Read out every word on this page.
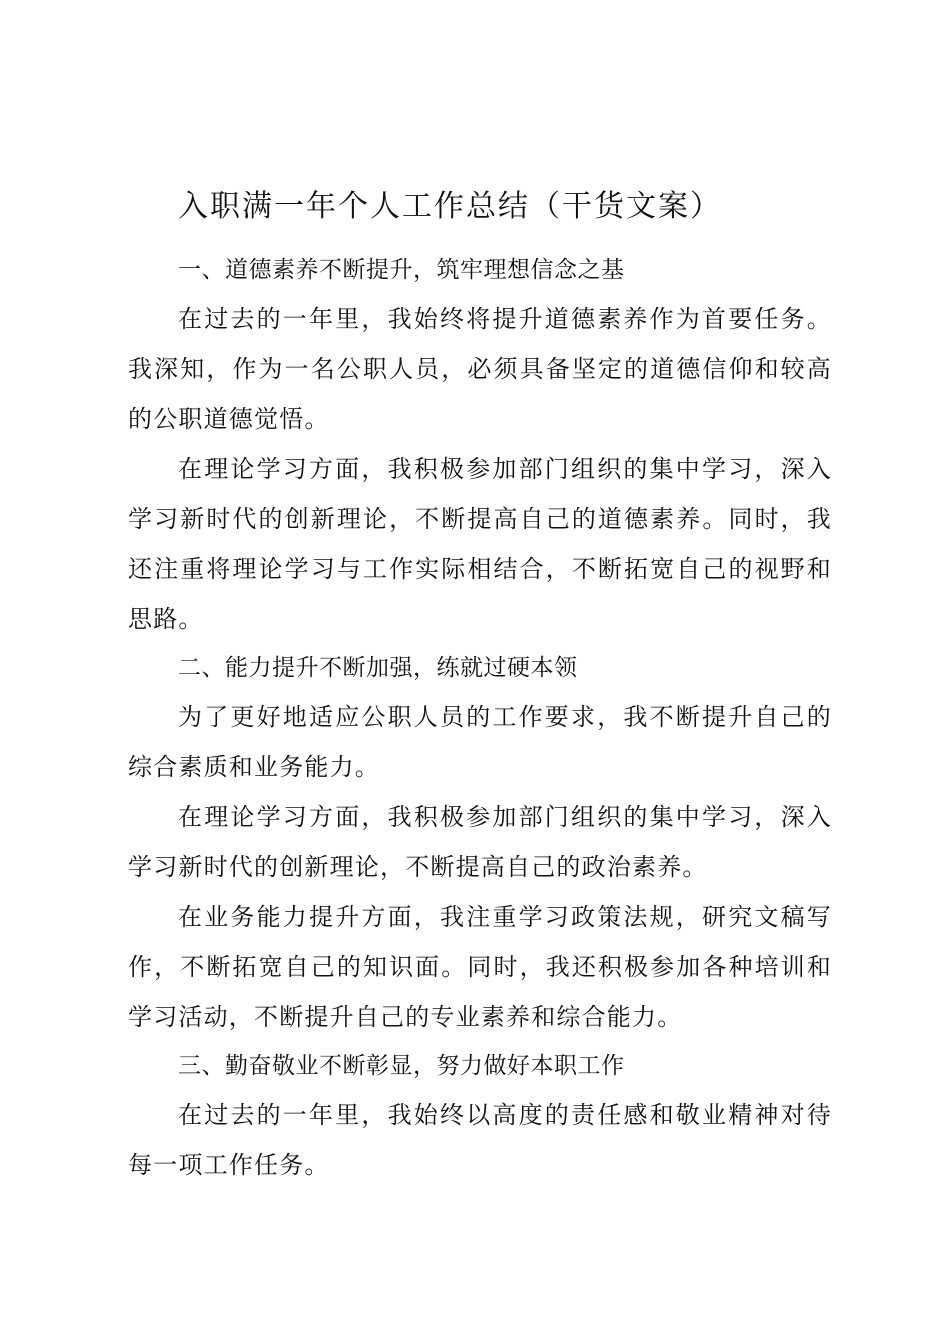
入职满一年个人工作总结（干货文案）

一、道德素养不断提升，筑牢理想信念之基

在过去的一年里，我始终将提升道德素养作为首要任务。我深知，作为一名公职人员，必须具备坚定的道德信仰和较高的公职道德觉悟。

在理论学习方面，我积极参加部门组织的集中学习，深入学习新时代的创新理论，不断提高自己的道德素养。同时，我还注重将理论学习与工作实际相结合，不断拓宽自己的视野和思路。

二、能力提升不断加强，练就过硬本领

为了更好地适应公职人员的工作要求，我不断提升自己的综合素质和业务能力。

在理论学习方面，我积极参加部门组织的集中学习，深入学习新时代的创新理论，不断提高自己的政治素养。

在业务能力提升方面，我注重学习政策法规，研究文稿写作，不断拓宽自己的知识面。同时，我还积极参加各种培训和学习活动，不断提升自己的专业素养和综合能力。

三、勤奋敬业不断彰显，努力做好本职工作

在过去的一年里，我始终以高度的责任感和敬业精神对待每一项工作任务。
